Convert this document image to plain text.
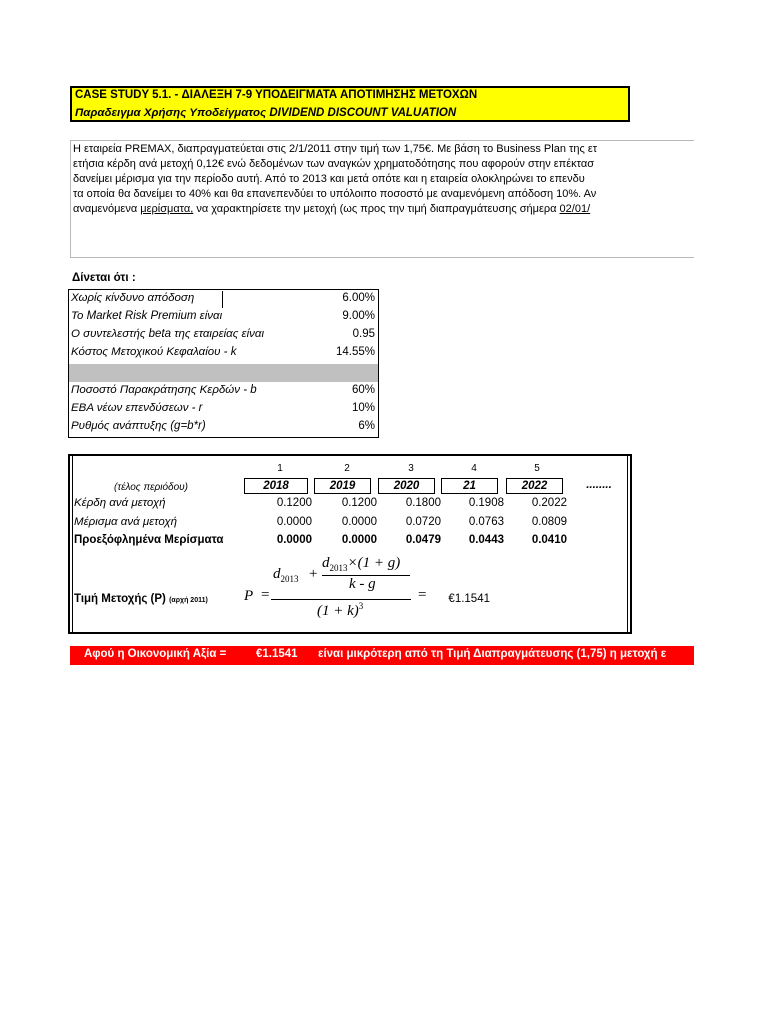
CASE STUDY 5.1. - ΔΙΑΛΕΞΗ 7-9 ΥΠΟΔΕΙΓΜΑΤΑ ΑΠΟΤΙΜΗΣΗΣ ΜΕΤΟΧΩΝ
Παραδειγμα Χρήσης Υποδείγματος DIVIDEND DISCOUNT VALUATION

Η εταιρεία PREMAX, διαπραγματεύεται στις 2/1/2011 στην τιμή των 1,75€. Με βάση το Business Plan της ετ

ετήσια κέρδη ανά μετοχή 0,12€ ενώ δεδομένων των αναγκών χρηματοδότησης που αφορούν στην επέκτασ

δανείμει μέρισμα για την περίοδο αυτή. Από το 2013 και μετά οπότε και η εταιρεία ολοκληρώνει το επενδυ

τα οποία θα δανείμει το 40% και θα επανεπενδύει το υπόλοιπο ποσοστό με αναμενόμενη απόδοση 10%. Αν

αναμενόμενα μερίσματα, να χαρακτηρίσετε την μετοχή (ως προς την τιμή διαπραγμάτευσης σήμερα 02/01/

Δίνεται ότι :
Χωρίς κίνδυνο απόδοση	6.00%
Το Market Risk Premium είναι	9.00%
Ο συντελεστής beta της εταιρείας είναι	0.95
Κόστος Μετοχικού Κεφαλαίου - k	14.55%
Ποσοστό Παρακράτησης Κερδών - b	60%
ΕΒΑ νέων επενδύσεων - r	10%
Ρυθμός ανάπτυξης (g=b*r)	6%
1	2	3	4	5
(τέλος περιόδου)	2018	2019	2020	21	2022	........
Κέρδη ανά μετοχή	0.1200	0.1200	0.1800	0.1908	0.2022
Μέρισμα ανά μετοχή	0.0000	0.0000	0.0720	0.0763	0.0809
Προεξόφλημένα Μερίσματα	0.0000	0.0000	0.0479	0.0443	0.0410
Τιμή Μετοχής (P) (αρχή 2011)	€1.1541
P =
$d_{2013}$ +
$d_{2013}\times(1 + g)$
k - g
$(1 + k)^3$
=
Αφού η Οικονομική Αξία =	€1.1541 είναι μικρότερη από τη Τιμή Διαπραγμάτευσης (1,75) η μετοχή ε
